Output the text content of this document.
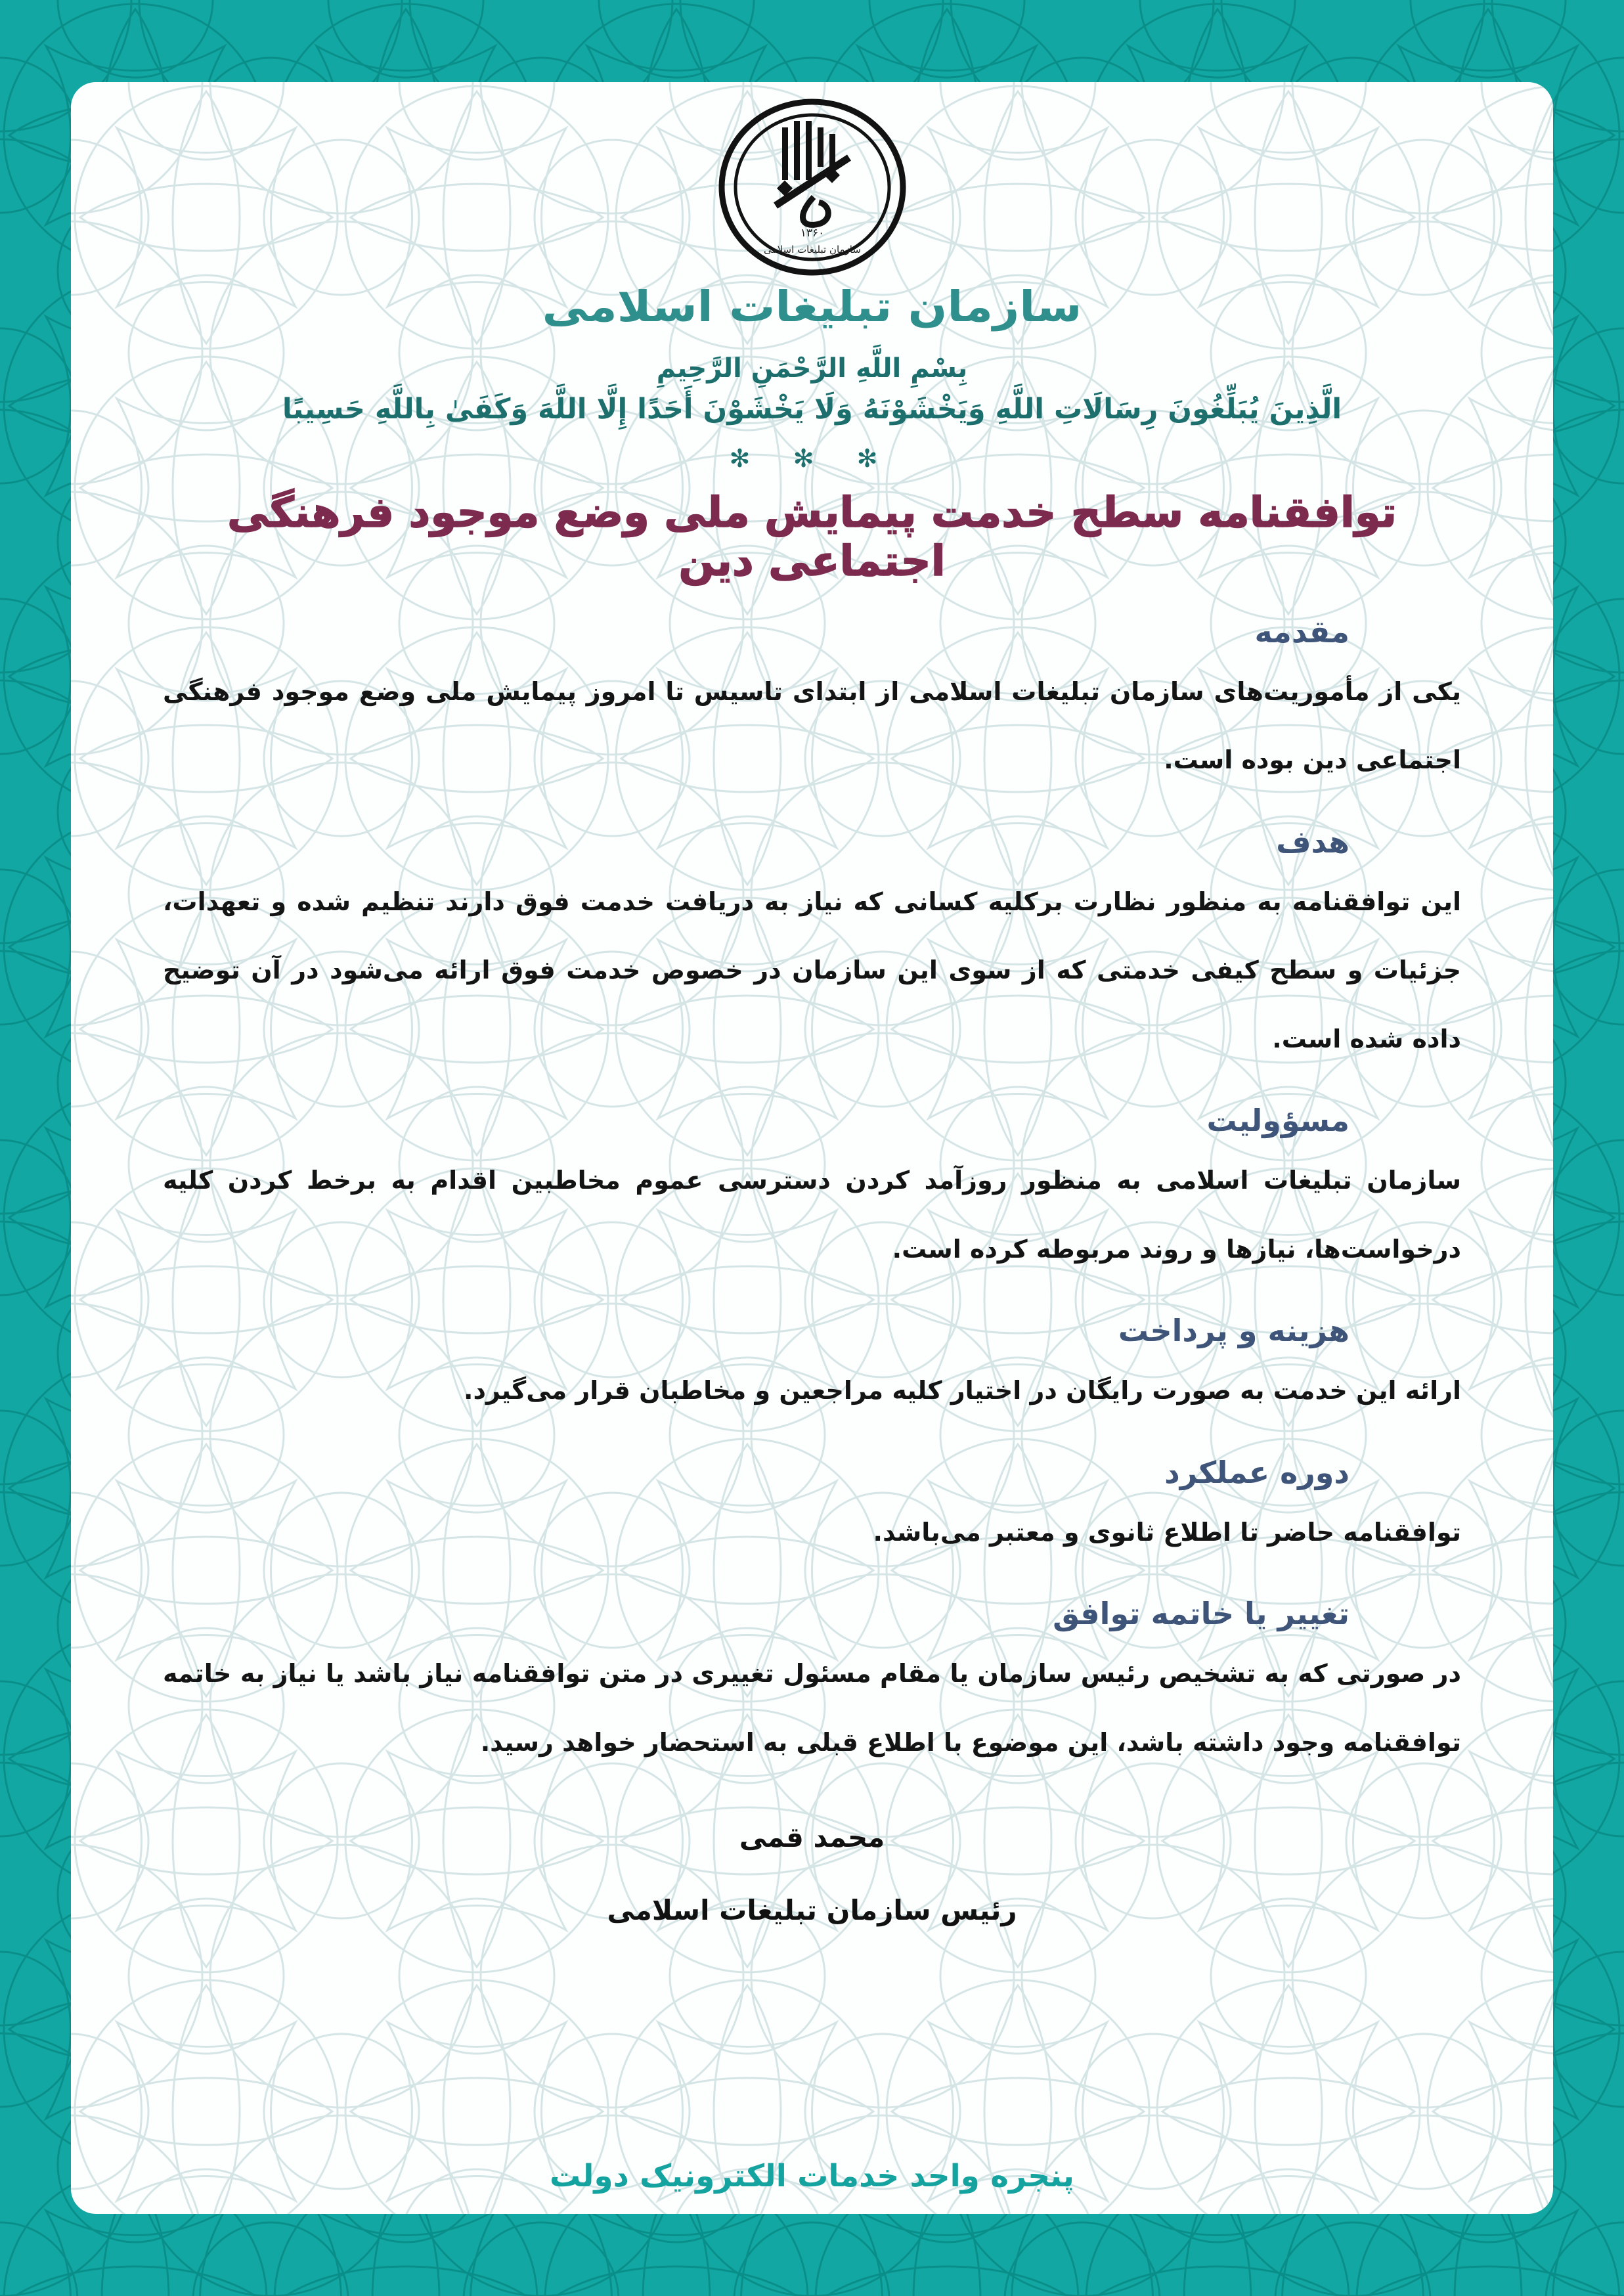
۱۳۶۰
سازمان تبلیغات اسلامی
سازمان تبلیغات اسلامی
بِسْمِ اللَّهِ الرَّحْمَنِ الرَّحِيمِ
الَّذِينَ يُبَلِّغُونَ رِسَالَاتِ اللَّهِ وَيَخْشَوْنَهُ وَلَا يَخْشَوْنَ أَحَدًا إِلَّا اللَّهَ وَكَفَىٰ بِاللَّهِ حَسِيبًا
✻ ✻ ✻
توافقنامه سطح خدمت پیمایش ملی وضع موجود فرهنگی اجتماعی دین
مقدمه

یکی از مأموریت‌های سازمان تبلیغات اسلامی از ابتدای تاسیس تا امروز پیمایش ملی وضع موجود فرهنگی اجتماعی دین بوده است.

هدف

این توافقنامه به منظور نظارت برکلیه کسانی که نیاز به دریافت خدمت فوق دارند تنظیم شده و تعهدات، جزئیات و سطح کیفی خدمتی که از سوی این سازمان در خصوص خدمت فوق ارائه می‌شود در آن توضیح داده شده است.

مسؤولیت

سازمان تبلیغات اسلامی به منظور روزآمد کردن دسترسی عموم مخاطبین اقدام به برخط کردن کلیه درخواست‌ها، نیازها و روند مربوطه کرده است.

هزینه و پرداخت

ارائه این خدمت به صورت رایگان در اختیار کلیه مراجعین و مخاطبان قرار می‌گیرد.

دوره عملکرد

توافقنامه حاضر تا اطلاع ثانوی و معتبر می‌باشد.

تغییر یا خاتمه توافق

در صورتی که به تشخیص رئیس سازمان یا مقام مسئول تغییری در متن توافقنامه نیاز باشد یا نیاز به خاتمه توافقنامه وجود داشته باشد، این موضوع با اطلاع قبلی به استحضار خواهد رسید.

محمد قمی
رئیس سازمان تبلیغات اسلامی
پنجره واحد خدمات الکترونیک دولت
